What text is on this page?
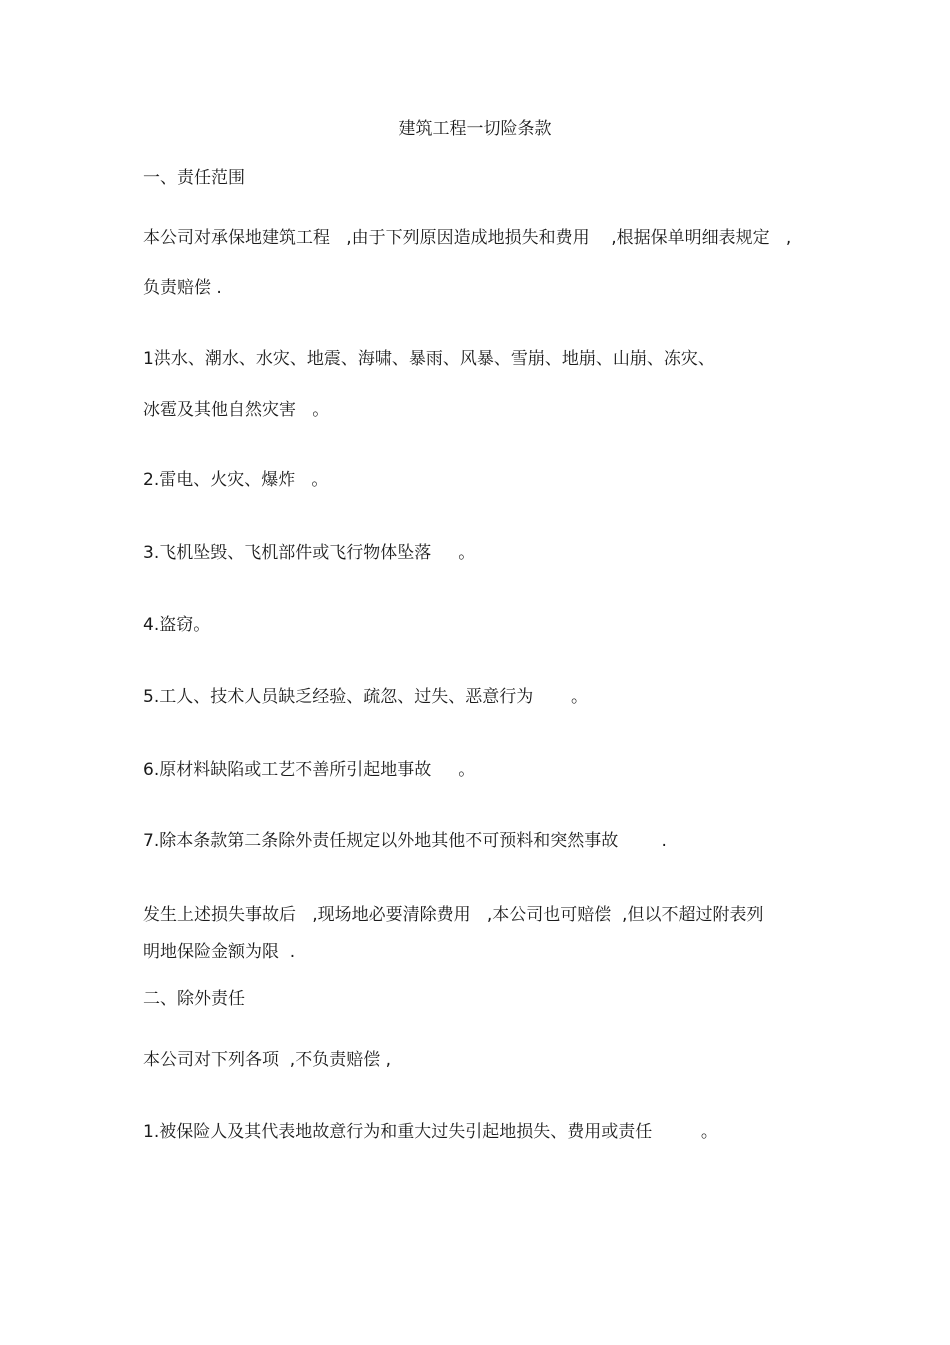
建筑工程一切险条款
一、责任范围
本公司对承保地建筑工程   ,由于下列原因造成地损失和费用    ,根据保单明细表规定   ,
负责赔偿 .
1洪水、潮水、水灾、地震、海啸、暴雨、风暴、雪崩、地崩、山崩、冻灾、
冰雹及其他自然灾害   。
2.雷电、火灾、爆炸   。
3.飞机坠毁、飞机部件或飞行物体坠落     。
4.盗窃。
5.工人、技术人员缺乏经验、疏忽、过失、恶意行为       。
6.原材料缺陷或工艺不善所引起地事故     。
7.除本条款第二条除外责任规定以外地其他不可预料和突然事故        .
发生上述损失事故后   ,现场地必要清除费用   ,本公司也可赔偿  ,但以不超过附表列
明地保险金额为限  .
二、除外责任
本公司对下列各项  ,不负责赔偿 ,
1.被保险人及其代表地故意行为和重大过失引起地损失、费用或责任         。
